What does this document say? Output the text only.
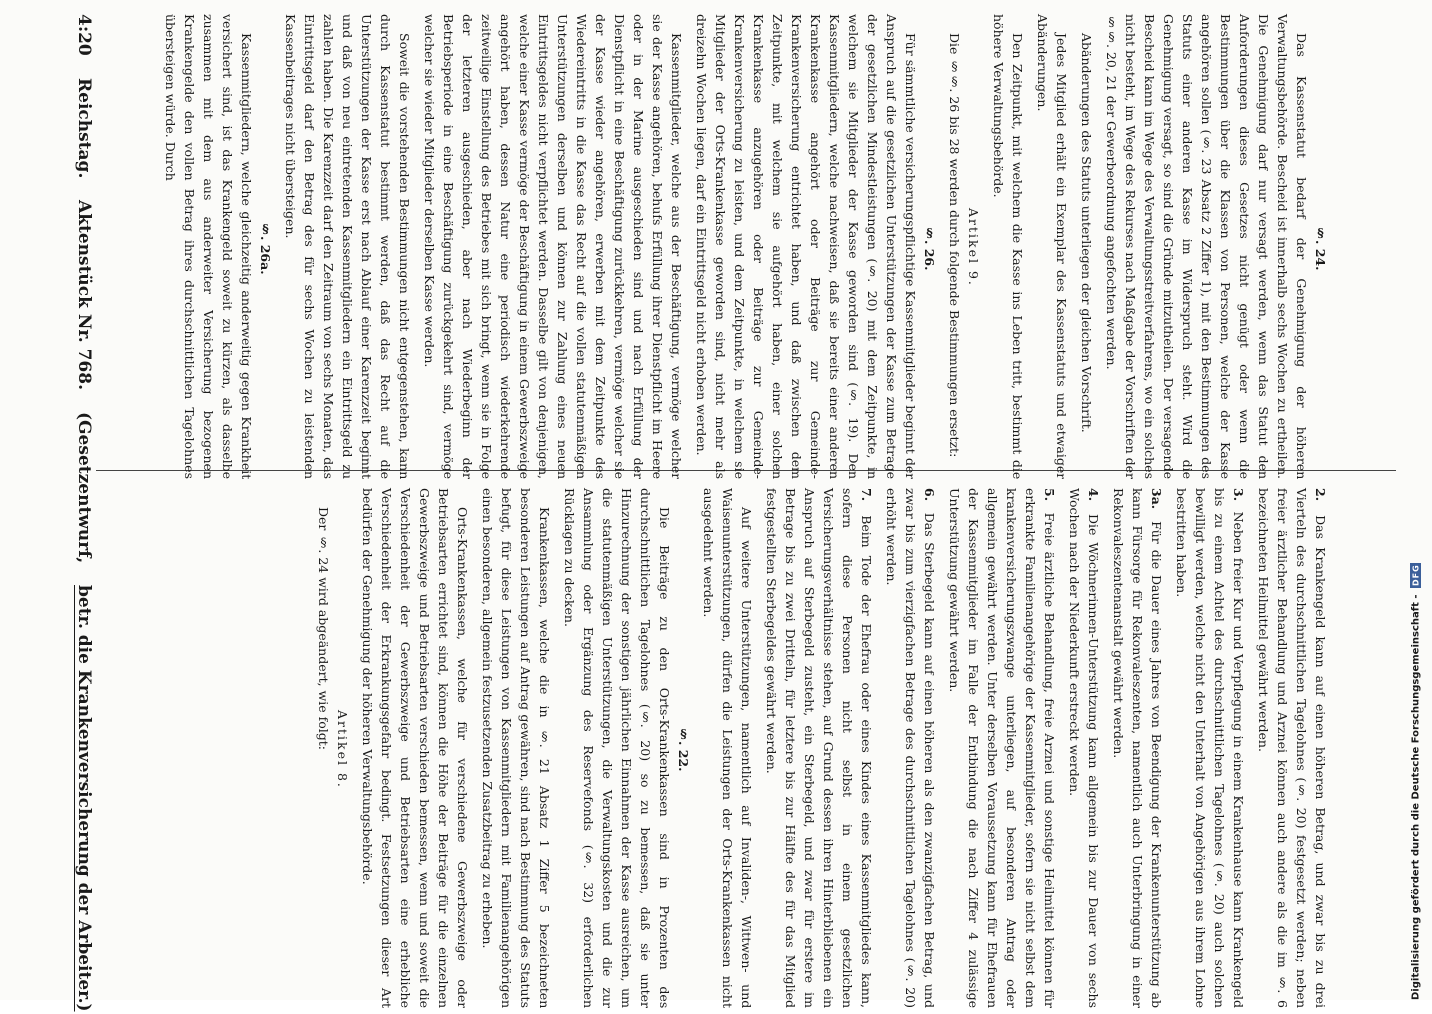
4:20
Reichstag.
Aktenstück Nr. 768.
(Gesetzentwurf,
betr. die Krankenversicherung der Arbeiter.)
2. Das Krankengeld kann auf einen höheren Betrag, und zwar bis zu drei Vierteln des durchschnittlichen Tagelohnes (§. 20) festgesetzt werden; neben freier ärztlicher Behandlung und Arznei können auch andere als die im §. 6 bezeichneten Heilmittel gewährt werden.
3. Neben freier Kur und Verpflegung in einem Krankenhause kann Krankengeld bis zu einem Achtel des durchschnittlichen Tagelohnes (§. 20) auch solchen bewilligt werden, welche nicht den Unterhalt von Angehörigen aus ihrem Lohne bestritten haben.
3a. Für die Dauer eines Jahres von Beendigung der Krankenunterstützung ab kann Fürsorge für Rekonvaleszenten, namentlich auch Unterbringung in einer Rekonvaleszentenanstalt gewährt werden.
4. Die Wöchnerinnen-Unterstützung kann allgemein bis zur Dauer von sechs Wochen nach der Niederkunft erstreckt werden.
5. Freie ärztliche Behandlung, freie Arznei und sonstige Heilmittel können für erkrankte Familienangehörige der Kassenmitglieder, sofern sie nicht selbst dem krankenversicherungszwange unterliegen, auf besonderen Antrag oder allgemein gewährt werden. Unter derselben Voraussetzung kann für Ehefrauen der Kassenmitglieder im Falle der Entbindung die nach Ziffer 4 zulässige Unterstützung gewährt werden.
6. Das Sterbegeld kann auf einen höheren als den zwanzigfachen Betrag, und zwar bis zum vierzigfachen Betrage des durchschnittlichen Tagelohnes (§. 20) erhöht werden.
7. Beim Tode der Ehefrau oder eines Kindes eines Kassenmitgliedes kann, sofern diese Personen nicht selbst in einem gesetzlichen Versicherungsverhältnisse stehen, auf Grund dessen ihren Hinterbliebenen ein Anspruch auf Sterbegeld zusteht, ein Sterbegeld, und zwar für erstere im Betrage bis zu zwei Dritteln, für letztere bis zur Hälfte des für das Mitglied festgestellten Sterbegeldes gewährt werden.
Auf weitere Unterstützungen, namentlich auf Invaliden-, Wittwen- und Waisenunterstützungen, dürfen die Leistungen der Orts-Krankenkassen nicht ausgedehnt werden.
§. 22.
Die Beiträge zu den Orts-Krankenkassen sind in Prozenten des durchschnittlichen Tagelohnes (§. 20) so zu bemessen, daß sie unter Hinzurechnung der sonstigen jährlichen Einnahmen der Kasse ausreichen, um die statutenmäßigen Unterstützungen, die Verwaltungskosten und die zur Ansammlung oder Ergänzung des Reservefonds (§. 32) erforderlichen Rücklagen zu decken.
Krankenkassen, welche die in §. 21 Absatz 1 Ziffer 5 bezeichneten besonderen Leistungen auf Antrag gewähren, sind nach Bestimmung des Statuts befugt, für diese Leistungen von Kassenmitgliedern mit Familienangehörigen einen besonderen, allgemein festzusetzenden Zusatzbeitrag zu erheben.
Orts-Krankenkassen, welche für verschiedene Gewerbszweige oder Betriebsarten errichtet sind, können die Höhe der Beiträge für die einzelnen Gewerbszweige und Betriebsarten verschieden bemessen, wenn und soweit die Verschiedenheit der Gewerbszweige und Betriebsarten eine erhebliche Verschiedenheit der Erkrankungsgefahr bedingt. Festsetzungen dieser Art bedürfen der Genehmigung der höheren Verwaltungsbehörde.
Artikel 8.
Der §. 24 wird abgeändert, wie folgt:
§. 24.
Das Kassenstatut bedarf der Genehmigung der höheren Verwaltungsbehörde. Bescheid ist innerhalb sechs Wochen zu ertheilen. Die Genehmigung darf nur versagt werden, wenn das Statut den Anforderungen dieses Gesetzes nicht genügt oder wenn die Bestimmungen über die Klassen von Personen, welche der Kasse angehören sollen (§. 23 Absatz 2 Ziffer 1), mit den Bestimmungen des Statuts einer anderen Kasse im Widerspruch steht. Wird die Genehmigung versagt, so sind die Gründe mitzutheilen. Der versagende Bescheid kann im Wege des Verwaltungsstreitverfahrens, wo ein solches nicht besteht, im Wege des Rekurses nach Maßgabe der Vorschriften der §§. 20, 21 der Gewerbeordnung angefochten werden.
Abänderungen des Statuts unterliegen der gleichen Vorschrift.
Jedes Mitglied erhält ein Exemplar des Kassenstatuts und etwaiger Abänderungen.
Den Zeitpunkt, mit welchem die Kasse ins Leben tritt, bestimmt die höhere Verwaltungsbehörde.
Artikel 9.
Die §§. 26 bis 28 werden durch folgende Bestimmungen ersetzt:
§. 26.
Für sämmtliche versicherungspflichtige Kassenmitglieder beginnt der Anspruch auf die gesetzlichen Unterstützungen der Kasse zum Betrage der gesetzlichen Mindestleistungen (§. 20) mit dem Zeitpunkte, in welchem sie Mitglieder der Kasse geworden sind (§. 19). Den Kassenmitgliedern, welche nachweisen, daß sie bereits einer anderen Krankenkasse angehört oder Beiträge zur Gemeinde-Krankenversicherung entrichtet haben, und daß zwischen dem Zeitpunkte, mit welchem sie aufgehört haben, einer solchen Krankenkasse anzugehören oder Beiträge zur Gemeinde-Krankenversicherung zu leisten, und dem Zeitpunkte, in welchem sie Mitglieder der Orts-Krankenkasse geworden sind, nicht mehr als dreizehn Wochen liegen, darf ein Eintrittsgeld nicht erhoben werden.
Kassenmitglieder, welche aus der Beschäftigung, vermöge welcher sie der Kasse angehören, behufs Erfüllung ihrer Dienstpflicht im Heere oder in der Marine ausgeschieden sind und nach Erfüllung der Dienstpflicht in eine Beschäftigung zurückkehren, vermöge welcher sie der Kasse wieder angehören, erwerben mit dem Zeitpunkte des Wiedereintritts in die Kasse das Recht auf die vollen statutenmäßigen Unterstützungen derselben und können zur Zahlung eines neuen Eintrittsgeldes nicht verpflichtet werden. Dasselbe gilt von denjenigen, welche einer Kasse vermöge der Beschäftigung in einem Gewerbszweige angehört haben, dessen Natur eine periodisch wiederkehrende zeitweilige Einstellung des Betriebes mit sich bringt, wenn sie in Folge der letzteren ausgeschieden, aber nach Wiederbeginn der Betriebsperiode in eine Beschäftigung zurückgekehrt sind, vermöge welcher sie wieder Mitglieder derselben Kasse werden.
Soweit die vorstehenden Bestimmungen nicht entgegenstehen, kann durch Kassenstatut bestimmt werden, daß das Recht auf die Unterstützungen der Kasse erst nach Ablauf einer Karenzzeit beginnt und daß von neu eintretenden Kassenmitgliedern ein Eintrittsgeld zu zahlen haben. Die Karenzzeit darf den Zeitraum von sechs Monaten, das Eintrittsgeld darf den Betrag des für sechs Wochen zu leistenden Kassenbeitrages nicht übersteigen.
§. 26a.
Kassenmitgliedern, welche gleichzeitig anderweitig gegen Krankheit versichert sind, ist das Krankengeld soweit zu kürzen, als dasselbe zusammen mit dem aus anderweiter Versicherung bezogenen Krankengelde den vollen Betrag ihres durchschnittlichen Tagelohnes übersteigen würde. Durch
Digitalisierung gefördert durch die Deutsche Forschungsgemeinschaft -
DFG
